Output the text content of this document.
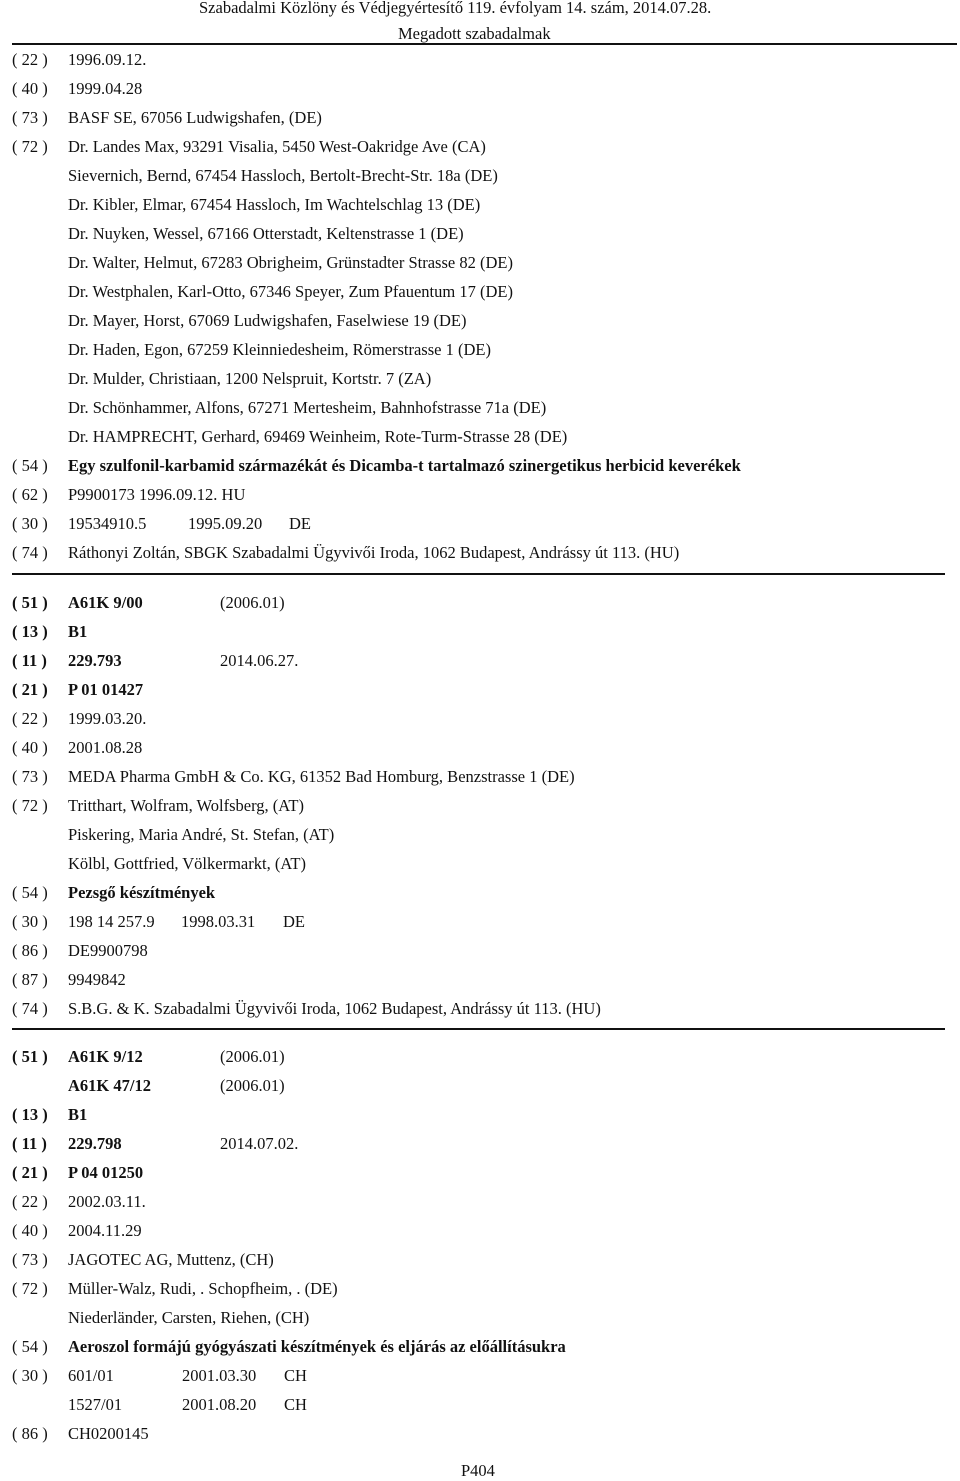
Szabadalmi Közlöny és Védjegyértesítő 119. évfolyam 14. szám, 2014.07.28.
Megadott szabadalmak
( 22 ) 1996.09.12.
( 40 ) 1999.04.28
( 73 ) BASF SE, 67056 Ludwigshafen, (DE)
( 72 ) Dr. Landes Max, 93291 Visalia, 5450 West-Oakridge Ave (CA)
Sievernich, Bernd, 67454 Hassloch, Bertolt-Brecht-Str. 18a (DE)
Dr. Kibler, Elmar, 67454 Hassloch, Im Wachtelschlag 13 (DE)
Dr. Nuyken, Wessel, 67166 Otterstadt, Keltenstrasse 1 (DE)
Dr. Walter, Helmut, 67283 Obrigheim, Grünstadter Strasse 82 (DE)
Dr. Westphalen, Karl-Otto, 67346 Speyer, Zum Pfauentum 17 (DE)
Dr. Mayer, Horst, 67069 Ludwigshafen, Faselwiese 19 (DE)
Dr. Haden, Egon, 67259 Kleinniedesheim, Römerstrasse 1 (DE)
Dr. Mulder, Christiaan, 1200 Nelspruit, Kortstr. 7 (ZA)
Dr. Schönhammer, Alfons, 67271 Mertesheim, Bahnhofstrasse 71a (DE)
Dr. HAMPRECHT, Gerhard, 69469 Weinheim, Rote-Turm-Strasse 28 (DE)
( 54 ) Egy szulfonil-karbamid származékát és Dicamba-t tartalmazó szinergetikus herbicid keverékek
( 62 ) P9900173 1996.09.12. HU
( 30 ) 19534910.5	1995.09.20 DE
( 74 ) Ráthonyi Zoltán, SBGK Szabadalmi Ügyvivői Iroda, 1062 Budapest, Andrássy út 113. (HU)
( 51 ) A61K 9/00	(2006.01)
( 13 ) B1
( 11 ) 229.793	2014.06.27.
( 21 ) P 01 01427
( 22 ) 1999.03.20.
( 40 ) 2001.08.28
( 73 ) MEDA Pharma GmbH & Co. KG, 61352 Bad Homburg, Benzstrasse 1 (DE)
( 72 ) Tritthart, Wolfram, Wolfsberg, (AT)
Piskering, Maria André, St. Stefan, (AT)
Kölbl, Gottfried, Völkermarkt, (AT)
( 54 ) Pezsgő készítmények
( 30 ) 198 14 257.9 1998.03.31 DE
( 86 ) DE9900798
( 87 ) 9949842
( 74 ) S.B.G. & K. Szabadalmi Ügyvivői Iroda, 1062 Budapest, Andrássy út 113. (HU)
( 51 ) A61K 9/12	(2006.01)
A61K 47/12	(2006.01)
( 13 ) B1
( 11 ) 229.798	2014.07.02.
( 21 ) P 04 01250
( 22 ) 2002.03.11.
( 40 ) 2004.11.29
( 73 ) JAGOTEC AG, Muttenz, (CH)
( 72 ) Müller-Walz, Rudi, . Schopfheim, . (DE)
Niederländer, Carsten, Riehen, (CH)
( 54 ) Aeroszol formájú gyógyászati készítmények és eljárás az előállításukra
( 30 ) 601/01	2001.03.30 CH
1527/01	2001.08.20 CH
( 86 ) CH0200145
P404
